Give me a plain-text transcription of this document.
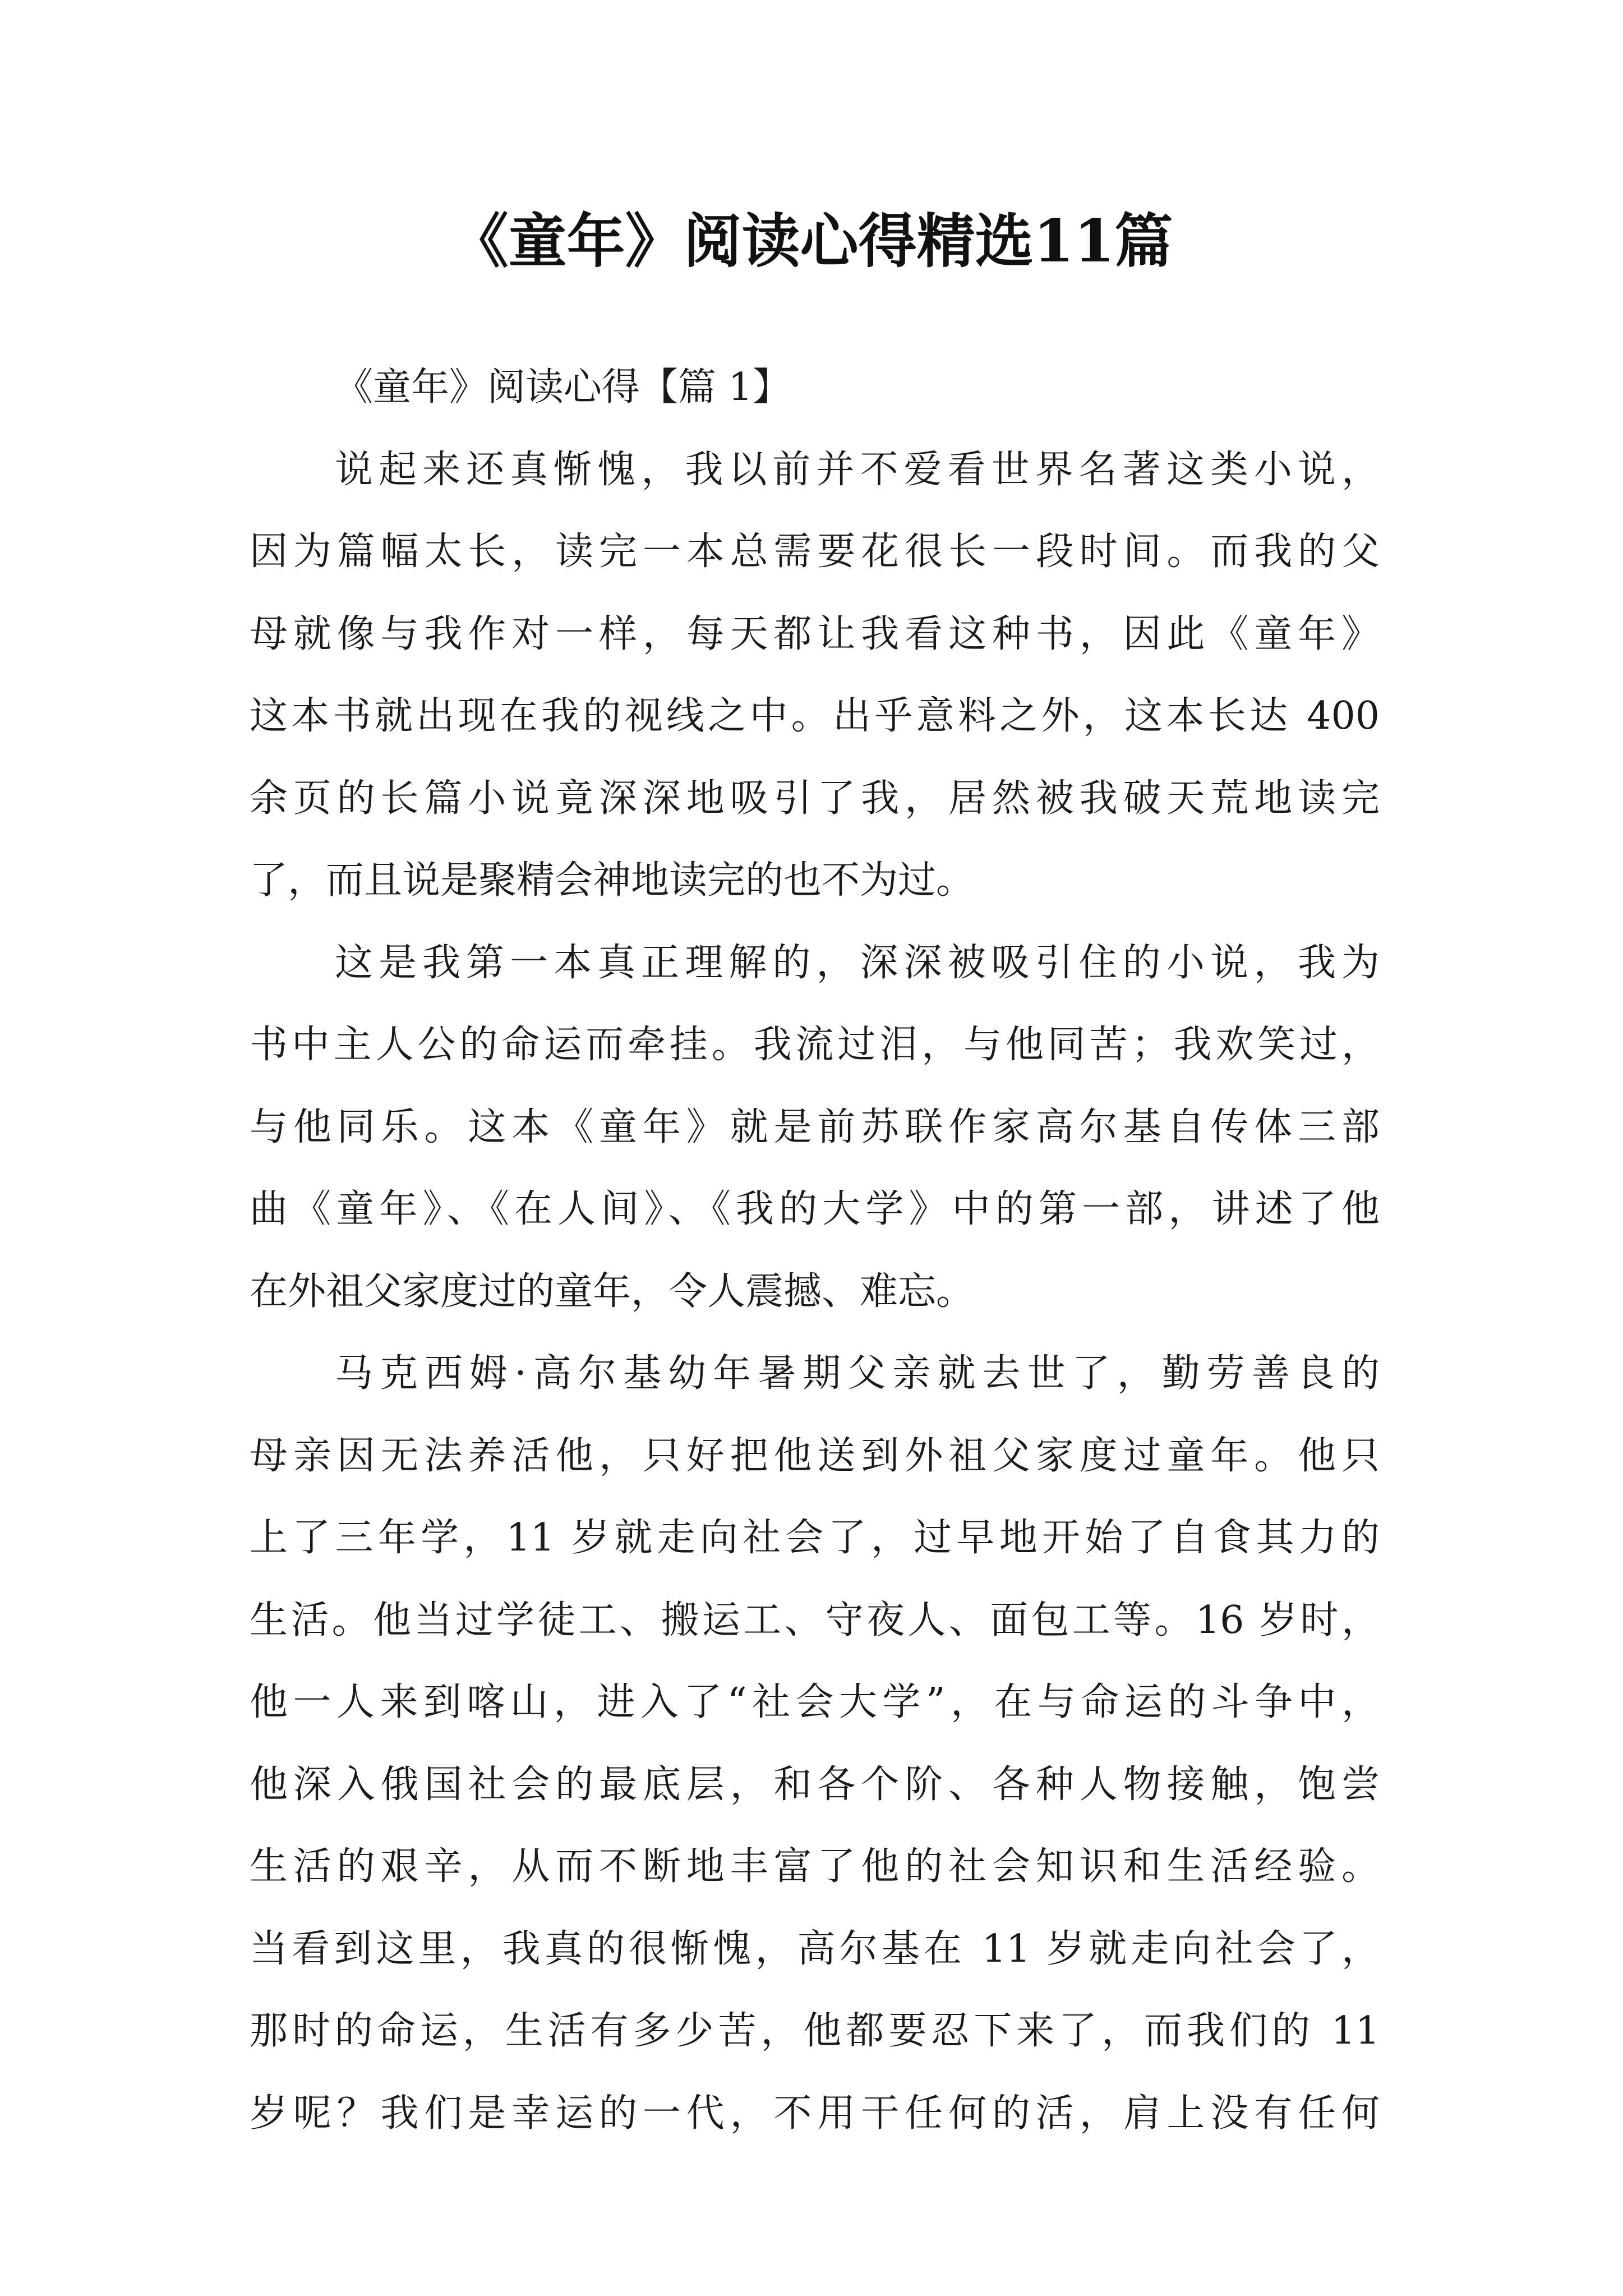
《童年》阅读心得精选11篇
《童年》阅读心得【篇 1】
说起来还真惭愧，我以前并不爱看世界名著这类小说，
因为篇幅太长，读完一本总需要花很长一段时间。而我的父
母就像与我作对一样，每天都让我看这种书，因此《童年》
这本书就出现在我的视线之中。出乎意料之外，这本长达 400
余页的长篇小说竟深深地吸引了我，居然被我破天荒地读完
了，而且说是聚精会神地读完的也不为过。
这是我第一本真正理解的，深深被吸引住的小说，我为
书中主人公的命运而牵挂。我流过泪，与他同苦；我欢笑过，
与他同乐。这本《童年》就是前苏联作家高尔基自传体三部
曲《童年》、《在人间》、《我的大学》中的第一部，讲述了他
在外祖父家度过的童年，令人震撼、难忘。
马克西姆·高尔基幼年暑期父亲就去世了，勤劳善良的
母亲因无法养活他，只好把他送到外祖父家度过童年。他只
上了三年学，11 岁就走向社会了，过早地开始了自食其力的
生活。他当过学徒工、搬运工、守夜人、面包工等。16 岁时，
他一人来到喀山，进入了“社会大学”，在与命运的斗争中，
他深入俄国社会的最底层，和各个阶、各种人物接触，饱尝
生活的艰辛，从而不断地丰富了他的社会知识和生活经验。
当看到这里，我真的很惭愧，高尔基在 11 岁就走向社会了，
那时的命运，生活有多少苦，他都要忍下来了，而我们的 11
岁呢？我们是幸运的一代，不用干任何的活，肩上没有任何
